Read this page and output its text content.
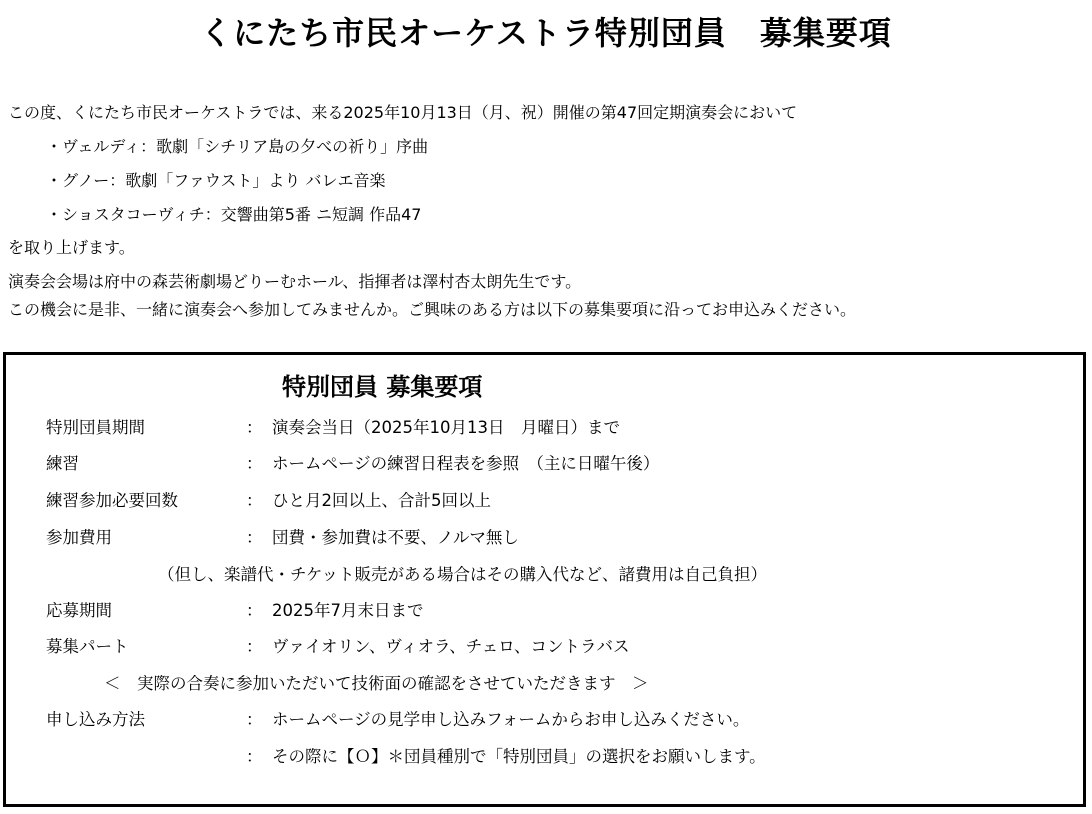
くにたち市民オーケストラ特別団員　募集要項
この度、くにたち市民オーケストラでは、来る2025年10月13日（月、祝）開催の第47回定期演奏会において
・ヴェルディ：歌劇「シチリア島の夕べの祈り」序曲
・グノー：歌劇「ファウスト」より バレエ音楽
・ショスタコーヴィチ：交響曲第5番 ニ短調 作品47
を取り上げます。
演奏会会場は府中の森芸術劇場どりーむホール、指揮者は澤村杏太朗先生です。
この機会に是非、一緒に演奏会へ参加してみませんか。ご興味のある方は以下の募集要項に沿ってお申込みください。
特別団員 募集要項
特別団員期間	： 演奏会当日（2025年10月13日　月曜日）まで
練習	： ホームページの練習日程表を参照　（主に日曜午後）
練習参加必要回数	： ひと月2回以上、合計5回以上
参加費用	： 団費・参加費は不要、ノルマ無し
（但し、楽譜代・チケット販売がある場合はその購入代など、諸費用は自己負担）
応募期間	： 2025年7月末日まで
募集パート	： ヴァイオリン、ヴィオラ、チェロ、コントラバス
＜　実際の合奏に参加いただいて技術面の確認をさせていただきます　＞
申し込み方法	： ホームページの見学申し込みフォームからお申し込みください。
： その際に【Ｏ】＊団員種別で「特別団員」の選択をお願いします。
